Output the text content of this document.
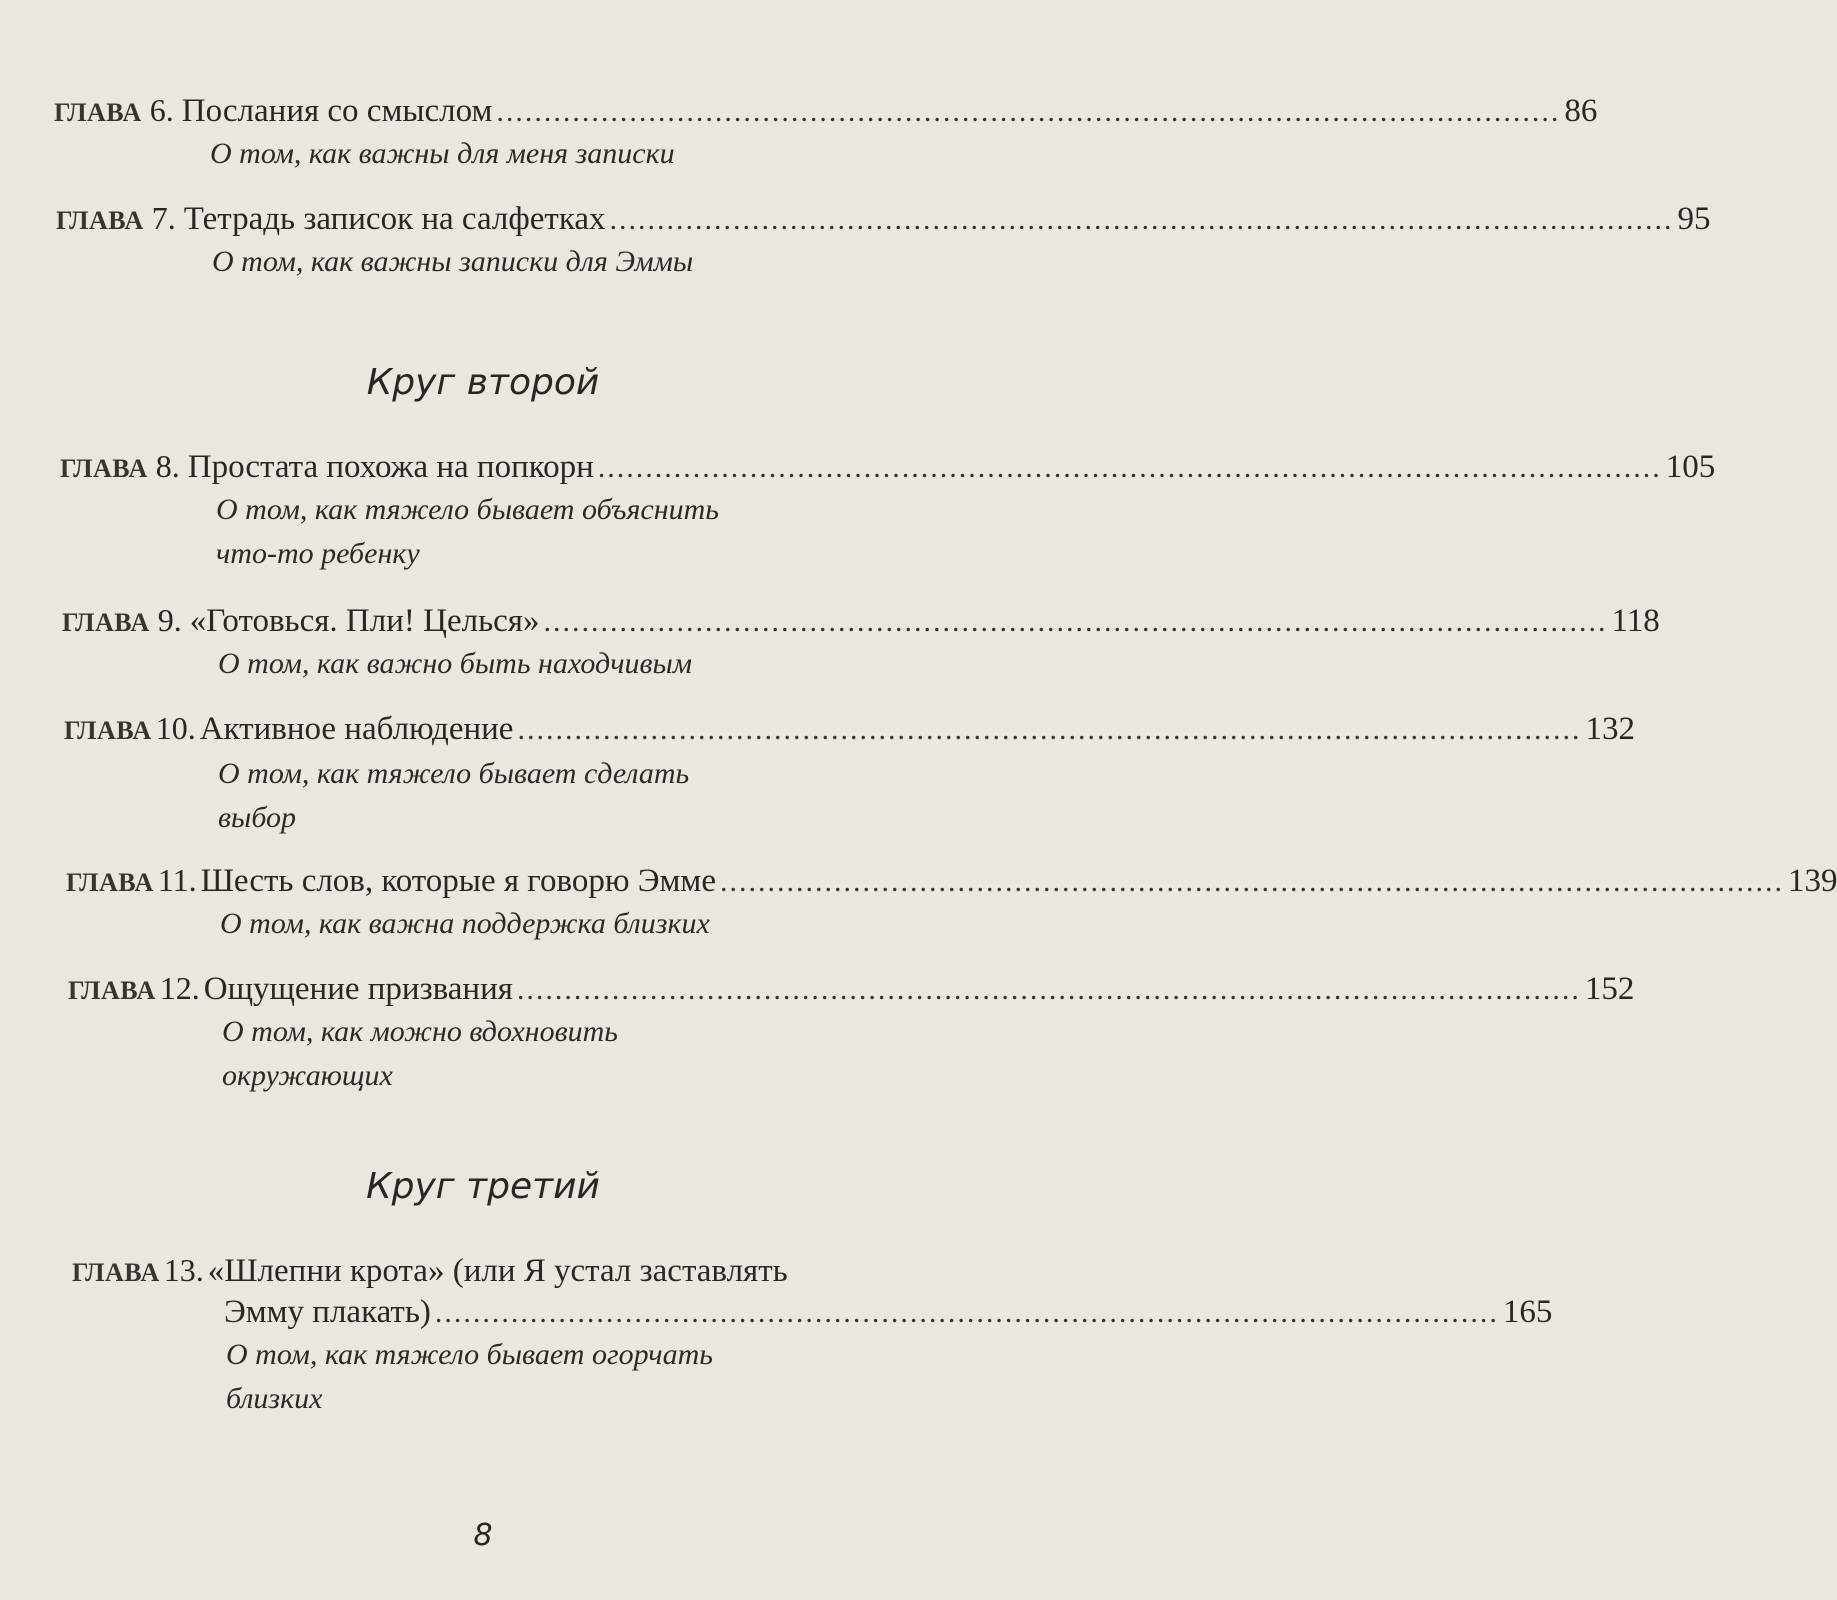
ГЛАВА 6. Послания со смыслом ................................................................................................................ 86
О том, как важны для меня записки
ГЛАВА 7. Тетрадь записок на салфетках ................................................................................................................ 95
О том, как важны записки для Эммы
Круг второй
ГЛАВА 8. Простата похожа на попкорн ................................................................................................................ 105
О том, как тяжело бывает объяснить
что-то ребенку
ГЛАВА 9. «Готовься. Пли! Целься» ................................................................................................................ 118
О том, как важно быть находчивым
ГЛАВА 10. Активное наблюдение ................................................................................................................ 132
О том, как тяжело бывает сделать
выбор
ГЛАВА 11. Шесть слов, которые я говорю Эмме ................................................................................................................ 139
О том, как важна поддержка близких
ГЛАВА 12. Ощущение призвания ................................................................................................................ 152
О том, как можно вдохновить
окружающих
Круг третий
ГЛАВА 13. «Шлепни крота» (или Я устал заставлять
Эмму плакать) ................................................................................................................ 165
О том, как тяжело бывает огорчать
близких
8
